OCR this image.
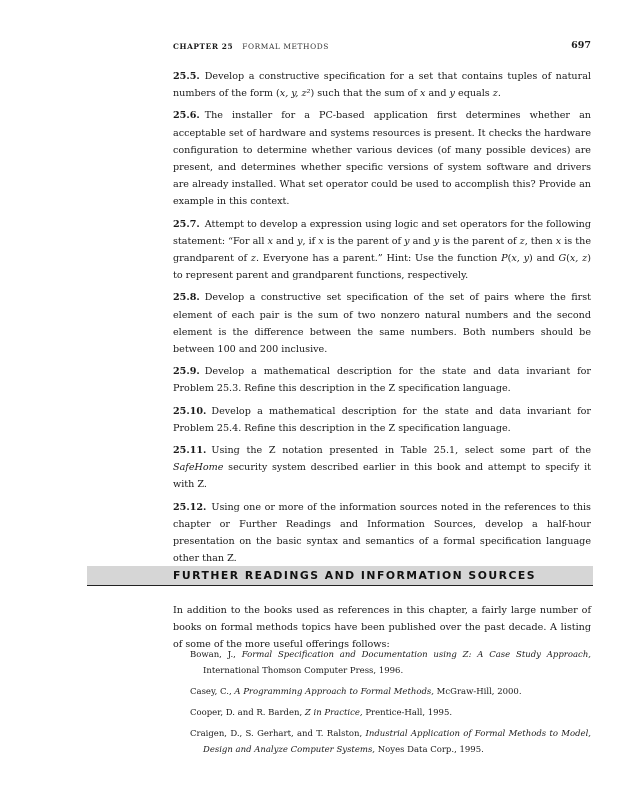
CHAPTER 25 FORMAL METHODS	697

25.5. Develop a constructive specification for a set that contains tuples of natural numbers of the form (x, y, z²) such that the sum of x and y equals z.

25.6. The installer for a PC-based application first determines whether an acceptable set of hardware and systems resources is present. It checks the hardware configuration to determine whether various devices (of many possible devices) are present, and determines whether specific versions of system software and drivers are already installed. What set operator could be used to accomplish this? Provide an example in this context.

25.7. Attempt to develop a expression using logic and set operators for the following statement: “For all x and y, if x is the parent of y and y is the parent of z, then x is the grandparent of z. Everyone has a parent.” Hint: Use the function P(x, y) and G(x, z) to represent parent and grandparent functions, respectively.

25.8. Develop a constructive set specification of the set of pairs where the first element of each pair is the sum of two nonzero natural numbers and the second element is the difference between the same numbers. Both numbers should be between 100 and 200 inclusive.

25.9. Develop a mathematical description for the state and data invariant for Problem 25.3. Refine this description in the Z specification language.

25.10. Develop a mathematical description for the state and data invariant for Problem 25.4. Refine this description in the Z specification language.

25.11. Using the Z notation presented in Table 25.1, select some part of the SafeHome security system described earlier in this book and attempt to specify it with Z.

25.12. Using one or more of the information sources noted in the references to this chapter or Further Readings and Information Sources, develop a half-hour presentation on the basic syntax and semantics of a formal specification language other than Z.

FURTHER READINGS AND INFORMATION SOURCES

In addition to the books used as references in this chapter, a fairly large number of books on formal methods topics have been published over the past decade. A listing of some of the more useful offerings follows:

Bowan, J., Formal Specification and Documentation using Z: A Case Study Approach, International Thomson Computer Press, 1996.
Casey, C., A Programming Approach to Formal Methods, McGraw-Hill, 2000.
Cooper, D. and R. Barden, Z in Practice, Prentice-Hall, 1995.
Craigen, D., S. Gerhart, and T. Ralston, Industrial Application of Formal Methods to Model, Design and Analyze Computer Systems, Noyes Data Corp., 1995.
